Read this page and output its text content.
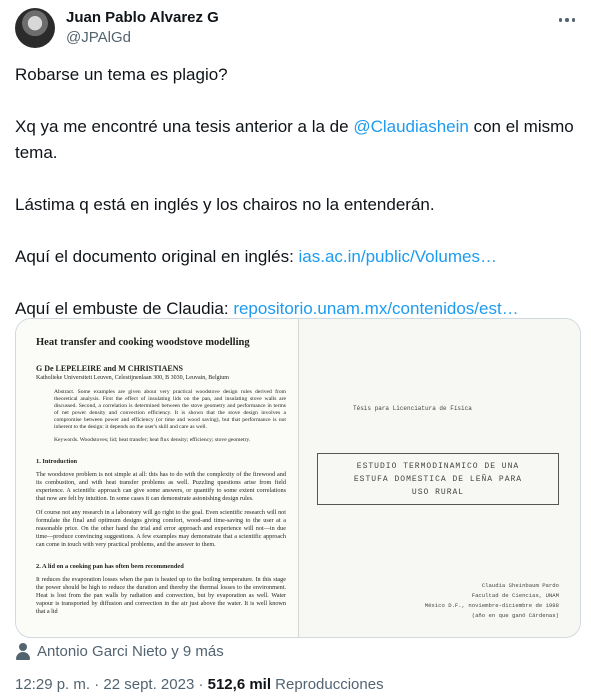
Juan Pablo Alvarez G
@JPAlGd

Robarse un tema es plagio?

Xq ya me encontré una tesis anterior a la de @Claudiashein con el mismo tema.

Lástima q está en inglés y los chairos no la entenderán.

Aquí el documento original en inglés: ias.ac.in/public/Volumes…

Aquí el embuste de Claudia: repositorio.unam.mx/contenidos/est…

Heat transfer and cooking woodstove modelling
G De LEPELEIRE and M CHRISTIAENS
Katholieke Universiteit Leuven, Celestijnenlaan 300, B 3030, Leuvain, Belgium
Abstract. Some examples are given about very practical woodstove design rules derived from theoretical analysis. First the effect of insulating lids on the pan, and insulating stove walls are discussed. Second, a correlation is determined between the stove geometry and performance in terms of net power density and convection efficiency. It is shown that the stove design involves a compromise between power and efficiency (or time and wood saving), but that performance is not inherent to the design: it depends on the user's skill and care as well.
Keywords. Woodstoves; lid; heat transfer; heat flux density; efficiency; stove geometry.
1. Introduction
The woodstove problem is not simple at all: this has to do with the complexity of the firewood and its combustion, and with heat transfer problems as well. Puzzling questions arise from field experience. A scientific approach can give some answers, or quantify to some extent correlations that now are felt by intuition. In some cases it can demonstrate astonishing design rules.
Of course not any research in a laboratory will go right to the goal. Even scientific research will not formulate the final and optimum designs giving comfort, wood-and time-saving to the user at a reasonable price. On the other hand the trial and error approach and experience will not—in due time—produce convincing suggestions. A few examples may demonstrate that a scientific approach can come in touch with very practical problems, and the answer to them.
2. A lid on a cooking pan has often been recommended
It reduces the evaporation losses when the pan is heated up to the boiling temperature. In this stage the power should be high to reduce the duration and thereby the thermal losses to the environment. Heat is lost from the pan walls by radiation and convection, but by evaporation as well. Water vapour is transported by diffusion and convection in the air just above the water. It is well known that a lid
Tésis para Licenciatura de Física
ESTUDIO TERMODINAMICO DE UNA
ESTUFA DOMESTICA DE LEÑA PARA
USO RURAL
Claudia Sheinbaum Pardo
Facultad de Ciencias, UNAM
México D.F., noviembre-diciembre de 1988
(año en que ganó Cárdenas)
Antonio Garci Nieto y 9 más
12:29 p. m. · 22 sept. 2023 · 512,6 mil Reproducciones
